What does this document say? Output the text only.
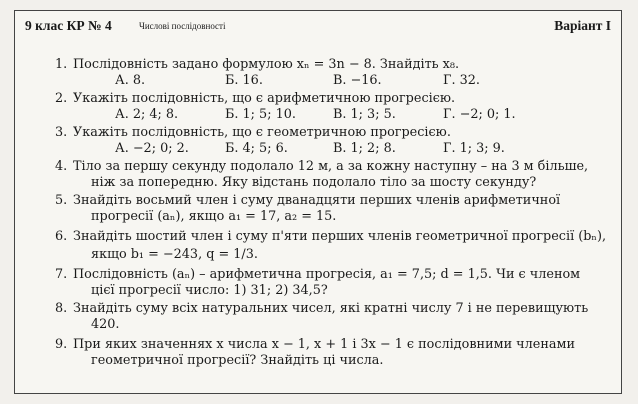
9 клас КР № 4	Числові послідовності	Варіант I
1. Послідовність задано формулою xₙ = 3n − 8. Знайдіть x₈.
А. 8.	Б. 16.	В. −16.	Г. 32.
2. Укажіть послідовність, що є арифметичною прогресією.
А. 2; 4; 8.	Б. 1; 5; 10.	В. 1; 3; 5.	Г. −2; 0; 1.
3. Укажіть послідовність, що є геометричною прогресією.
А. −2; 0; 2.	Б. 4; 5; 6.	В. 1; 2; 8.	Г. 1; 3; 9.
4. Тіло за першу секунду подолало 12 м, а за кожну наступну – на 3 м більше,
ніж за попередню. Яку відстань подолало тіло за шосту секунду?
5. Знайдіть восьмий член і суму дванадцяти перших членів арифметичної
прогресії (aₙ), якщо a₁ = 17, a₂ = 15.
6. Знайдіть шостий член і суму п'яти перших членів геометричної прогресії (bₙ),
якщо b₁ = −243, q = 1/3.
7. Послідовність (aₙ) – арифметична прогресія, a₁ = 7,5; d = 1,5. Чи є членом
цієї прогресії число: 1) 31; 2) 34,5?
8. Знайдіть суму всіх натуральних чисел, які кратні числу 7 і не перевищують
420.
9. При яких значеннях x числа x − 1, x + 1 і 3x − 1 є послідовними членами
геометричної прогресії? Знайдіть ці числа.
